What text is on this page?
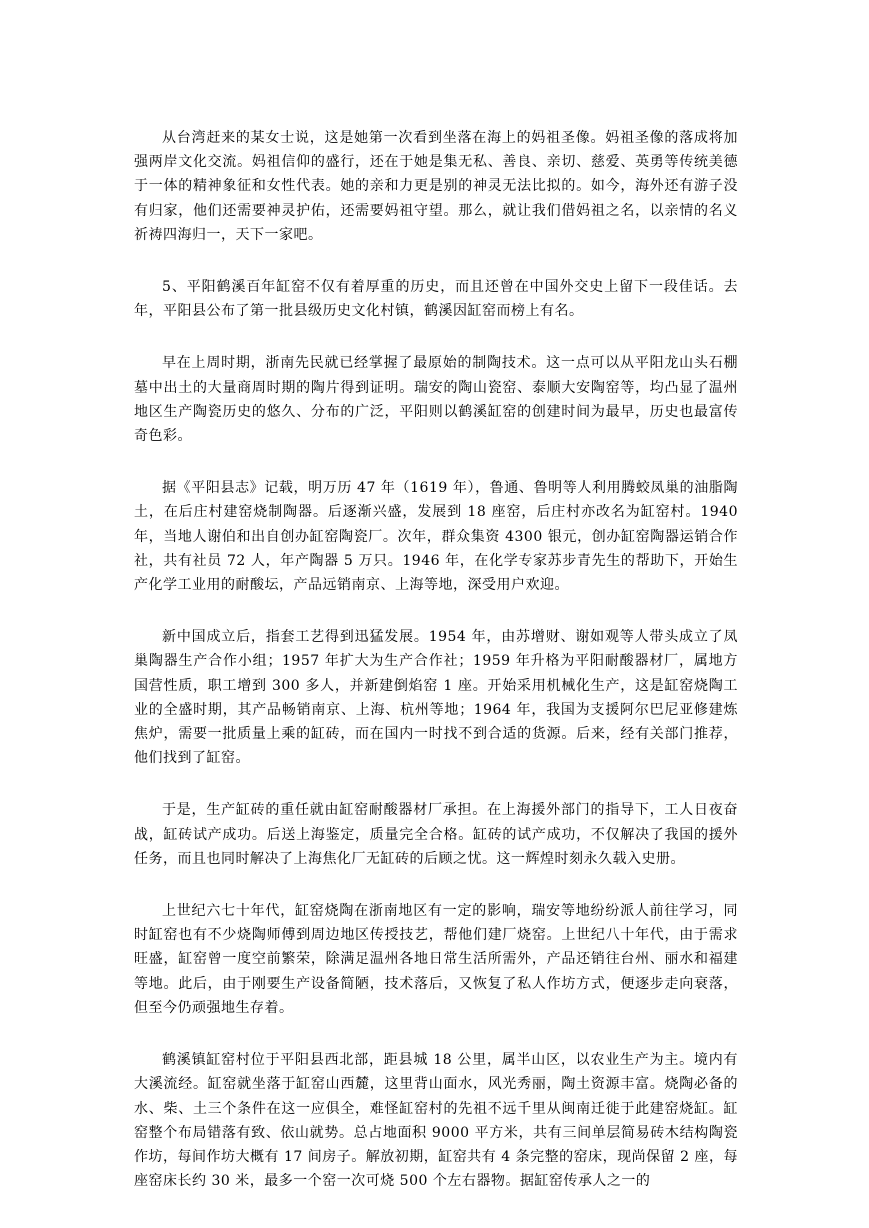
从台湾赶来的某女士说，这是她第一次看到坐落在海上的妈祖圣像。妈祖圣像的落成将加强两岸文化交流。妈祖信仰的盛行，还在于她是集无私、善良、亲切、慈爱、英勇等传统美德于一体的精神象征和女性代表。她的亲和力更是别的神灵无法比拟的。如今，海外还有游子没有归家，他们还需要神灵护佑，还需要妈祖守望。那么，就让我们借妈祖之名，以亲情的名义祈祷四海归一，天下一家吧。

5、平阳鹤溪百年缸窑不仅有着厚重的历史，而且还曾在中国外交史上留下一段佳话。去年，平阳县公布了第一批县级历史文化村镇，鹤溪因缸窑而榜上有名。

早在上周时期，浙南先民就已经掌握了最原始的制陶技术。这一点可以从平阳龙山头石棚墓中出土的大量商周时期的陶片得到证明。瑞安的陶山瓷窑、泰顺大安陶窑等，均凸显了温州地区生产陶瓷历史的悠久、分布的广泛，平阳则以鹤溪缸窑的创建时间为最早，历史也最富传奇色彩。

据《平阳县志》记载，明万历 47 年（1619 年），鲁通、鲁明等人利用腾蛟凤巢的油脂陶土，在后庄村建窑烧制陶器。后逐渐兴盛，发展到 18 座窑，后庄村亦改名为缸窑村。1940 年，当地人谢伯和出自创办缸窑陶瓷厂。次年，群众集资 4300 银元，创办缸窑陶器运销合作社，共有社员 72 人，年产陶器 5 万只。1946 年，在化学专家苏步青先生的帮助下，开始生产化学工业用的耐酸坛，产品远销南京、上海等地，深受用户欢迎。

新中国成立后，指套工艺得到迅猛发展。1954 年，由苏增财、谢如观等人带头成立了凤巢陶器生产合作小组；1957 年扩大为生产合作社；1959 年升格为平阳耐酸器材厂，属地方国营性质，职工增到 300 多人，并新建倒焰窑 1 座。开始采用机械化生产，这是缸窑烧陶工业的全盛时期，其产品畅销南京、上海、杭州等地；1964 年，我国为支援阿尔巴尼亚修建炼焦炉，需要一批质量上乘的缸砖，而在国内一时找不到合适的货源。后来，经有关部门推荐，他们找到了缸窑。

于是，生产缸砖的重任就由缸窑耐酸器材厂承担。在上海援外部门的指导下，工人日夜奋战，缸砖试产成功。后送上海鉴定，质量完全合格。缸砖的试产成功，不仅解决了我国的援外任务，而且也同时解决了上海焦化厂无缸砖的后顾之忧。这一辉煌时刻永久载入史册。

上世纪六七十年代，缸窑烧陶在浙南地区有一定的影响，瑞安等地纷纷派人前往学习，同时缸窑也有不少烧陶师傅到周边地区传授技艺，帮他们建厂烧窑。上世纪八十年代，由于需求旺盛，缸窑曾一度空前繁荣，除满足温州各地日常生活所需外，产品还销往台州、丽水和福建等地。此后，由于刚要生产设备简陋，技术落后，又恢复了私人作坊方式，便逐步走向衰落，但至今仍顽强地生存着。

鹤溪镇缸窑村位于平阳县西北部，距县城 18 公里，属半山区，以农业生产为主。境内有大溪流经。缸窑就坐落于缸窑山西麓，这里背山面水，风光秀丽，陶土资源丰富。烧陶必备的水、柴、土三个条件在这一应俱全，难怪缸窑村的先祖不远千里从闽南迁徙于此建窑烧缸。缸窑整个布局错落有致、依山就势。总占地面积 9000 平方米，共有三间单层简易砖木结构陶瓷作坊，每间作坊大概有 17 间房子。解放初期，缸窑共有 4 条完整的窑床，现尚保留 2 座，每座窑床长约 30 米，最多一个窑一次可烧 500 个左右器物。据缸窑传承人之一的
